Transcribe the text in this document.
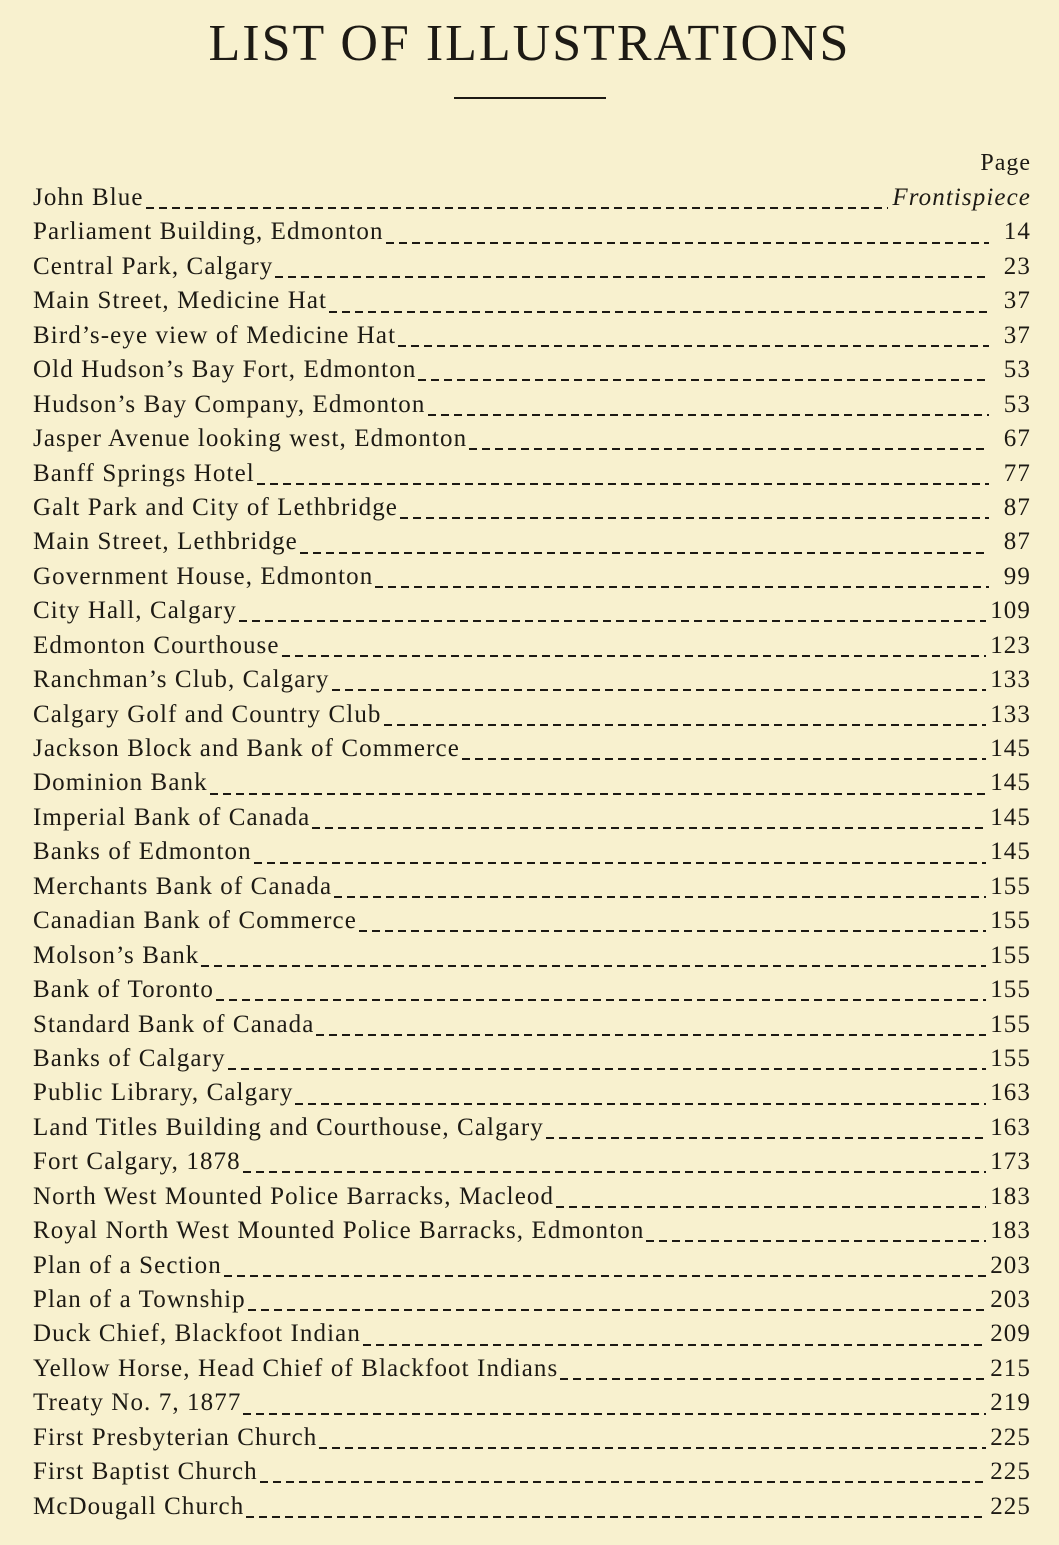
LIST OF ILLUSTRATIONS
Page
John Blue	Frontispiece
Parliament Building, Edmonton	14
Central Park, Calgary	23
Main Street, Medicine Hat	37
Bird’s-eye view of Medicine Hat	37
Old Hudson’s Bay Fort, Edmonton	53
Hudson’s Bay Company, Edmonton	53
Jasper Avenue looking west, Edmonton	67
Banff Springs Hotel	77
Galt Park and City of Lethbridge	87
Main Street, Lethbridge	87
Government House, Edmonton	99
City Hall, Calgary	109
Edmonton Courthouse	123
Ranchman’s Club, Calgary	133
Calgary Golf and Country Club	133
Jackson Block and Bank of Commerce	145
Dominion Bank	145
Imperial Bank of Canada	145
Banks of Edmonton	145
Merchants Bank of Canada	155
Canadian Bank of Commerce	155
Molson’s Bank	155
Bank of Toronto	155
Standard Bank of Canada	155
Banks of Calgary	155
Public Library, Calgary	163
Land Titles Building and Courthouse, Calgary	163
Fort Calgary, 1878	173
North West Mounted Police Barracks, Macleod	183
Royal North West Mounted Police Barracks, Edmonton	183
Plan of a Section	203
Plan of a Township	203
Duck Chief, Blackfoot Indian	209
Yellow Horse, Head Chief of Blackfoot Indians	215
Treaty No. 7, 1877	219
First Presbyterian Church	225
First Baptist Church	225
McDougall Church	225
